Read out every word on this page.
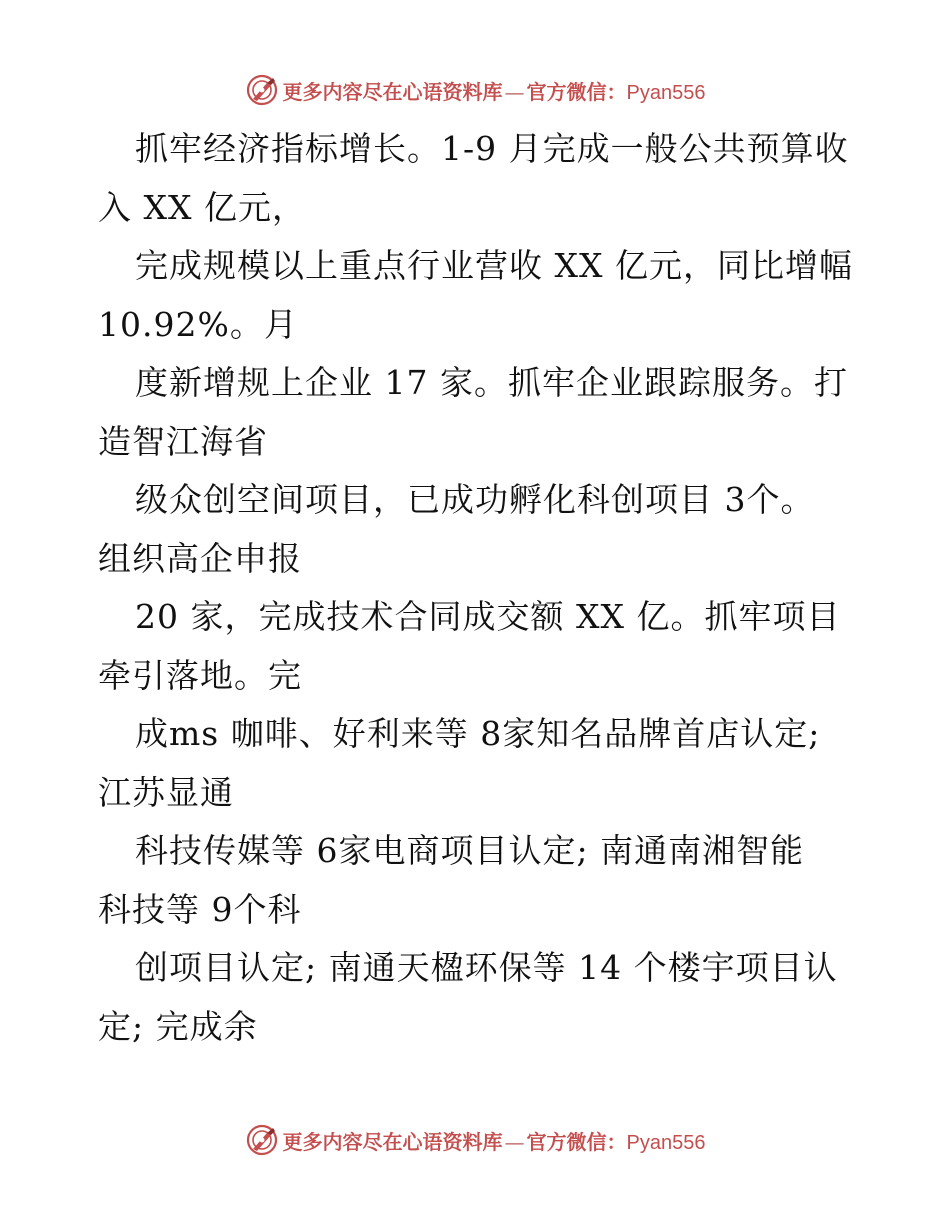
更多内容尽在心语资料库 — 官方微信：Pyan556
抓牢经济指标增长。1-9 月完成一般公共预算收
入 XX 亿元，
完成规模以上重点行业营收 XX 亿元，同比增幅
10.92%。月
度新增规上企业 17 家。抓牢企业跟踪服务。打
造智江海省
级众创空间项目，已成功孵化科创项目 3个。
组织高企申报
20 家，完成技术合同成交额 XX 亿。抓牢项目
牵引落地。完
成ms 咖啡、好利来等 8家知名品牌首店认定;
江苏显通
科技传媒等 6家电商项目认定; 南通南湘智能
科技等 9个科
创项目认定; 南通天楹环保等 14 个楼宇项目认
定; 完成余
更多内容尽在心语资料库 — 官方微信：Pyan556
